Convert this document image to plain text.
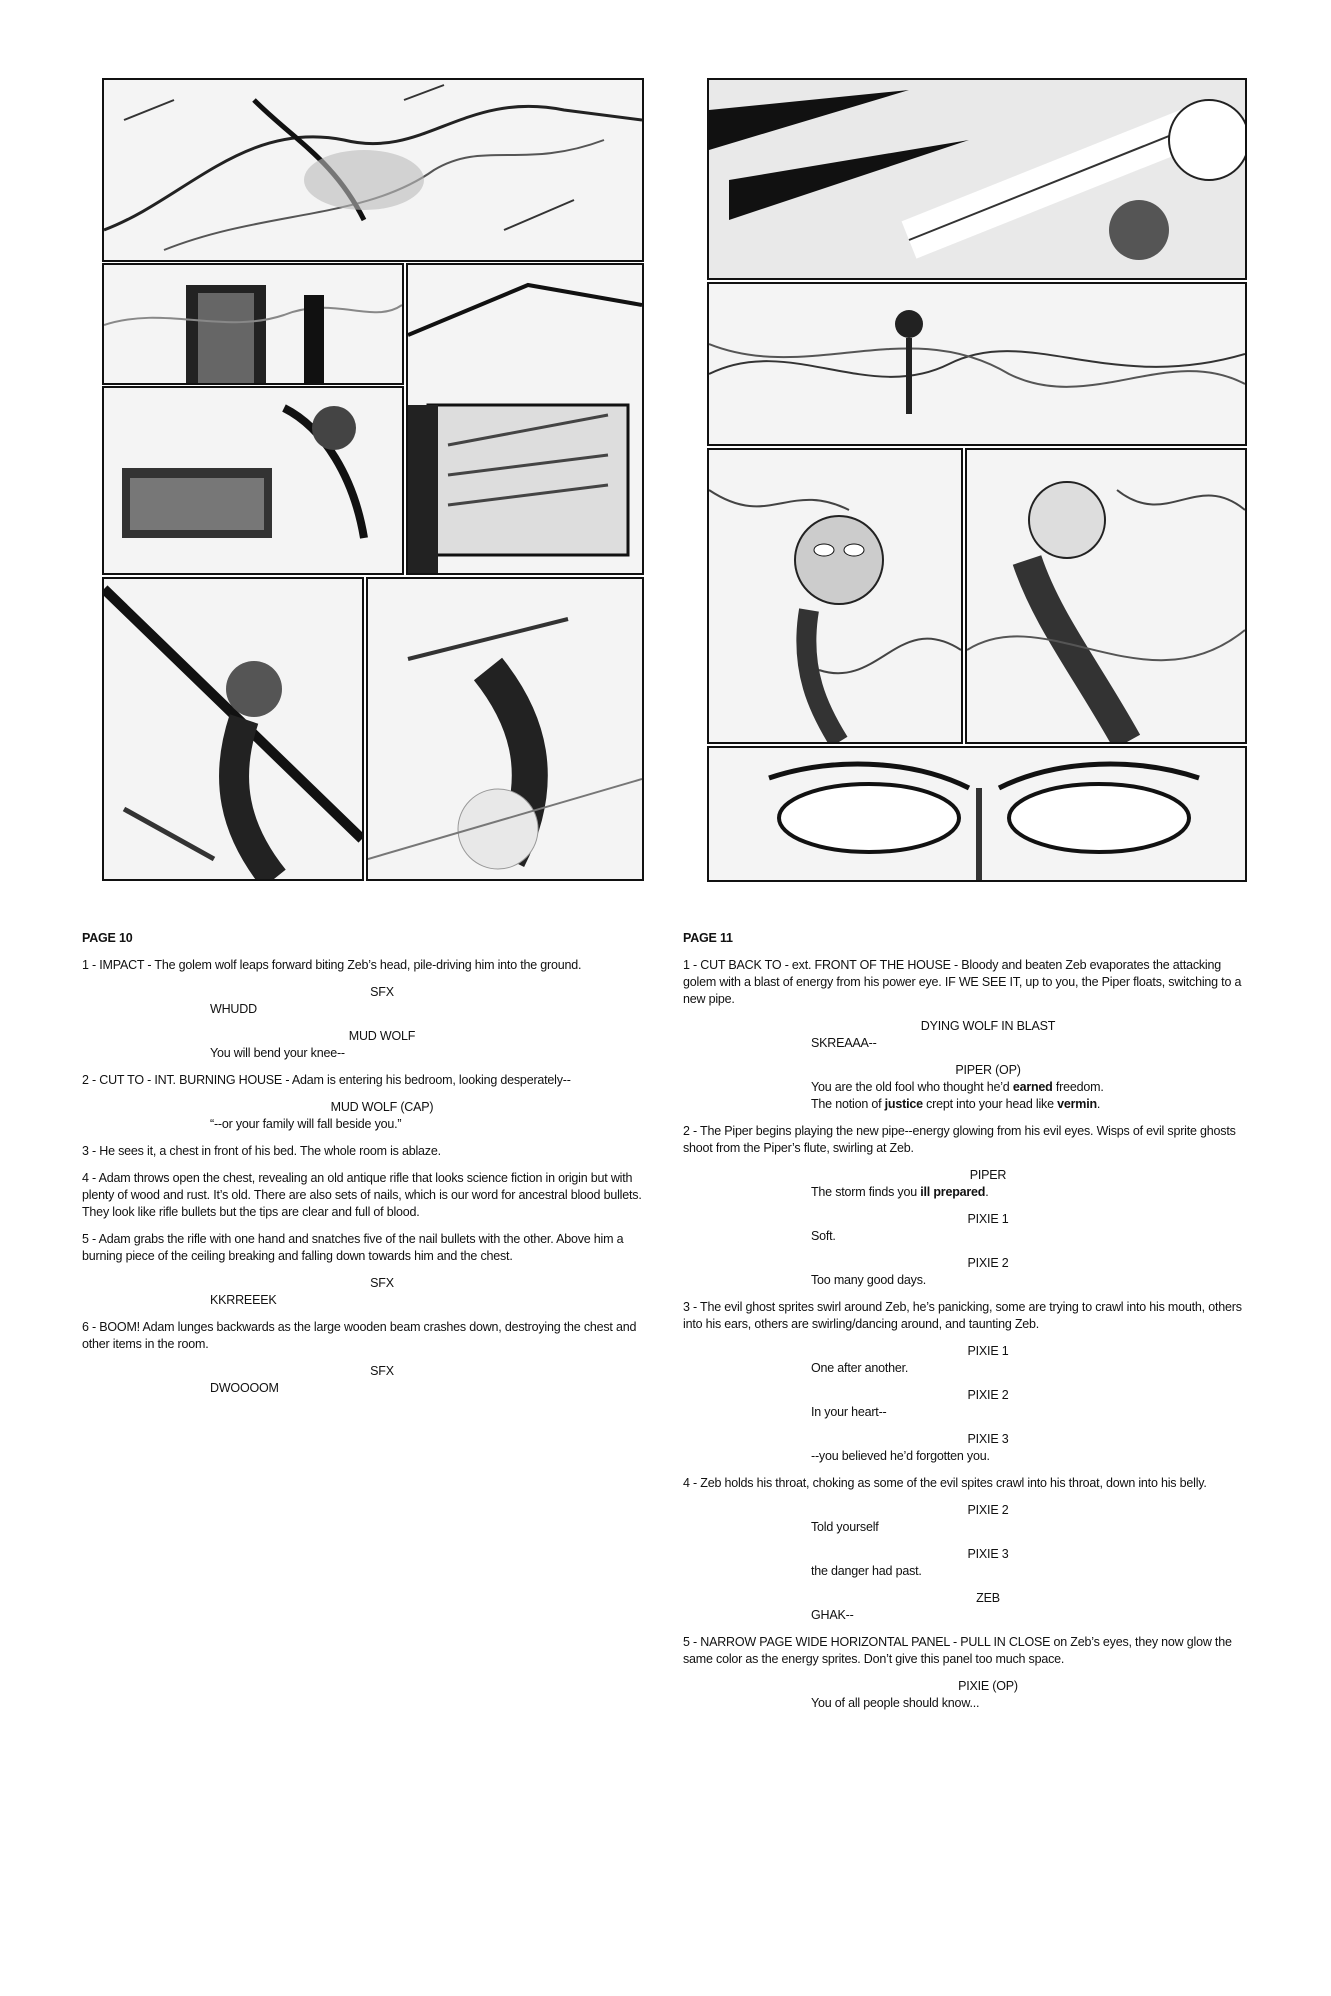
PAGE 10

1 - IMPACT - The golem wolf leaps forward biting Zeb’s head, pile-driving him into the ground.

SFX

WHUDD

MUD WOLF

You will bend your knee--

2 - CUT TO - INT. BURNING HOUSE - Adam is entering his bedroom, looking desperately--

MUD WOLF (CAP)

“--or your family will fall beside you.”

3 - He sees it, a chest in front of his bed. The whole room is ablaze.

4 - Adam throws open the chest, revealing an old antique rifle that looks science fiction in origin but with plenty of wood and rust. It’s old. There are also sets of nails, which is our word for ancestral blood bullets. They look like rifle bullets but the tips are clear and full of blood.

5 - Adam grabs the rifle with one hand and snatches five of the nail bullets with the other. Above him a burning piece of the ceiling breaking and falling down towards him and the chest.

SFX

KKRREEEK

6 - BOOM! Adam lunges backwards as the large wooden beam crashes down, destroying the chest and other items in the room.

SFX

DWOOOOM

PAGE 11

1 - CUT BACK TO - ext. FRONT OF THE HOUSE - Bloody and beaten Zeb evaporates the attacking golem with a blast of energy from his power eye. IF WE SEE IT, up to you, the Piper floats, switching to a new pipe.

DYING WOLF IN BLAST

SKREAAA--

PIPER (OP)

You are the old fool who thought he’d earned freedom.

The notion of justice crept into your head like vermin.

2 - The Piper begins playing the new pipe--energy glowing from his evil eyes. Wisps of evil sprite ghosts shoot from the Piper’s flute, swirling at Zeb.

PIPER

The storm finds you ill prepared.

PIXIE 1

Soft.

PIXIE 2

Too many good days.

3 - The evil ghost sprites swirl around Zeb, he’s panicking, some are trying to crawl into his mouth, others into his ears, others are swirling/dancing around, and taunting Zeb.

PIXIE 1

One after another.

PIXIE 2

In your heart--

PIXIE 3

--you believed he’d forgotten you.

4 - Zeb holds his throat, choking as some of the evil spites crawl into his throat, down into his belly.

PIXIE 2

Told yourself

PIXIE 3

the danger had past.

ZEB

GHAK--

5 - NARROW PAGE WIDE HORIZONTAL PANEL - PULL IN CLOSE on Zeb’s eyes, they now glow the same color as the energy sprites. Don’t give this panel too much space.

PIXIE (OP)

You of all people should know...
